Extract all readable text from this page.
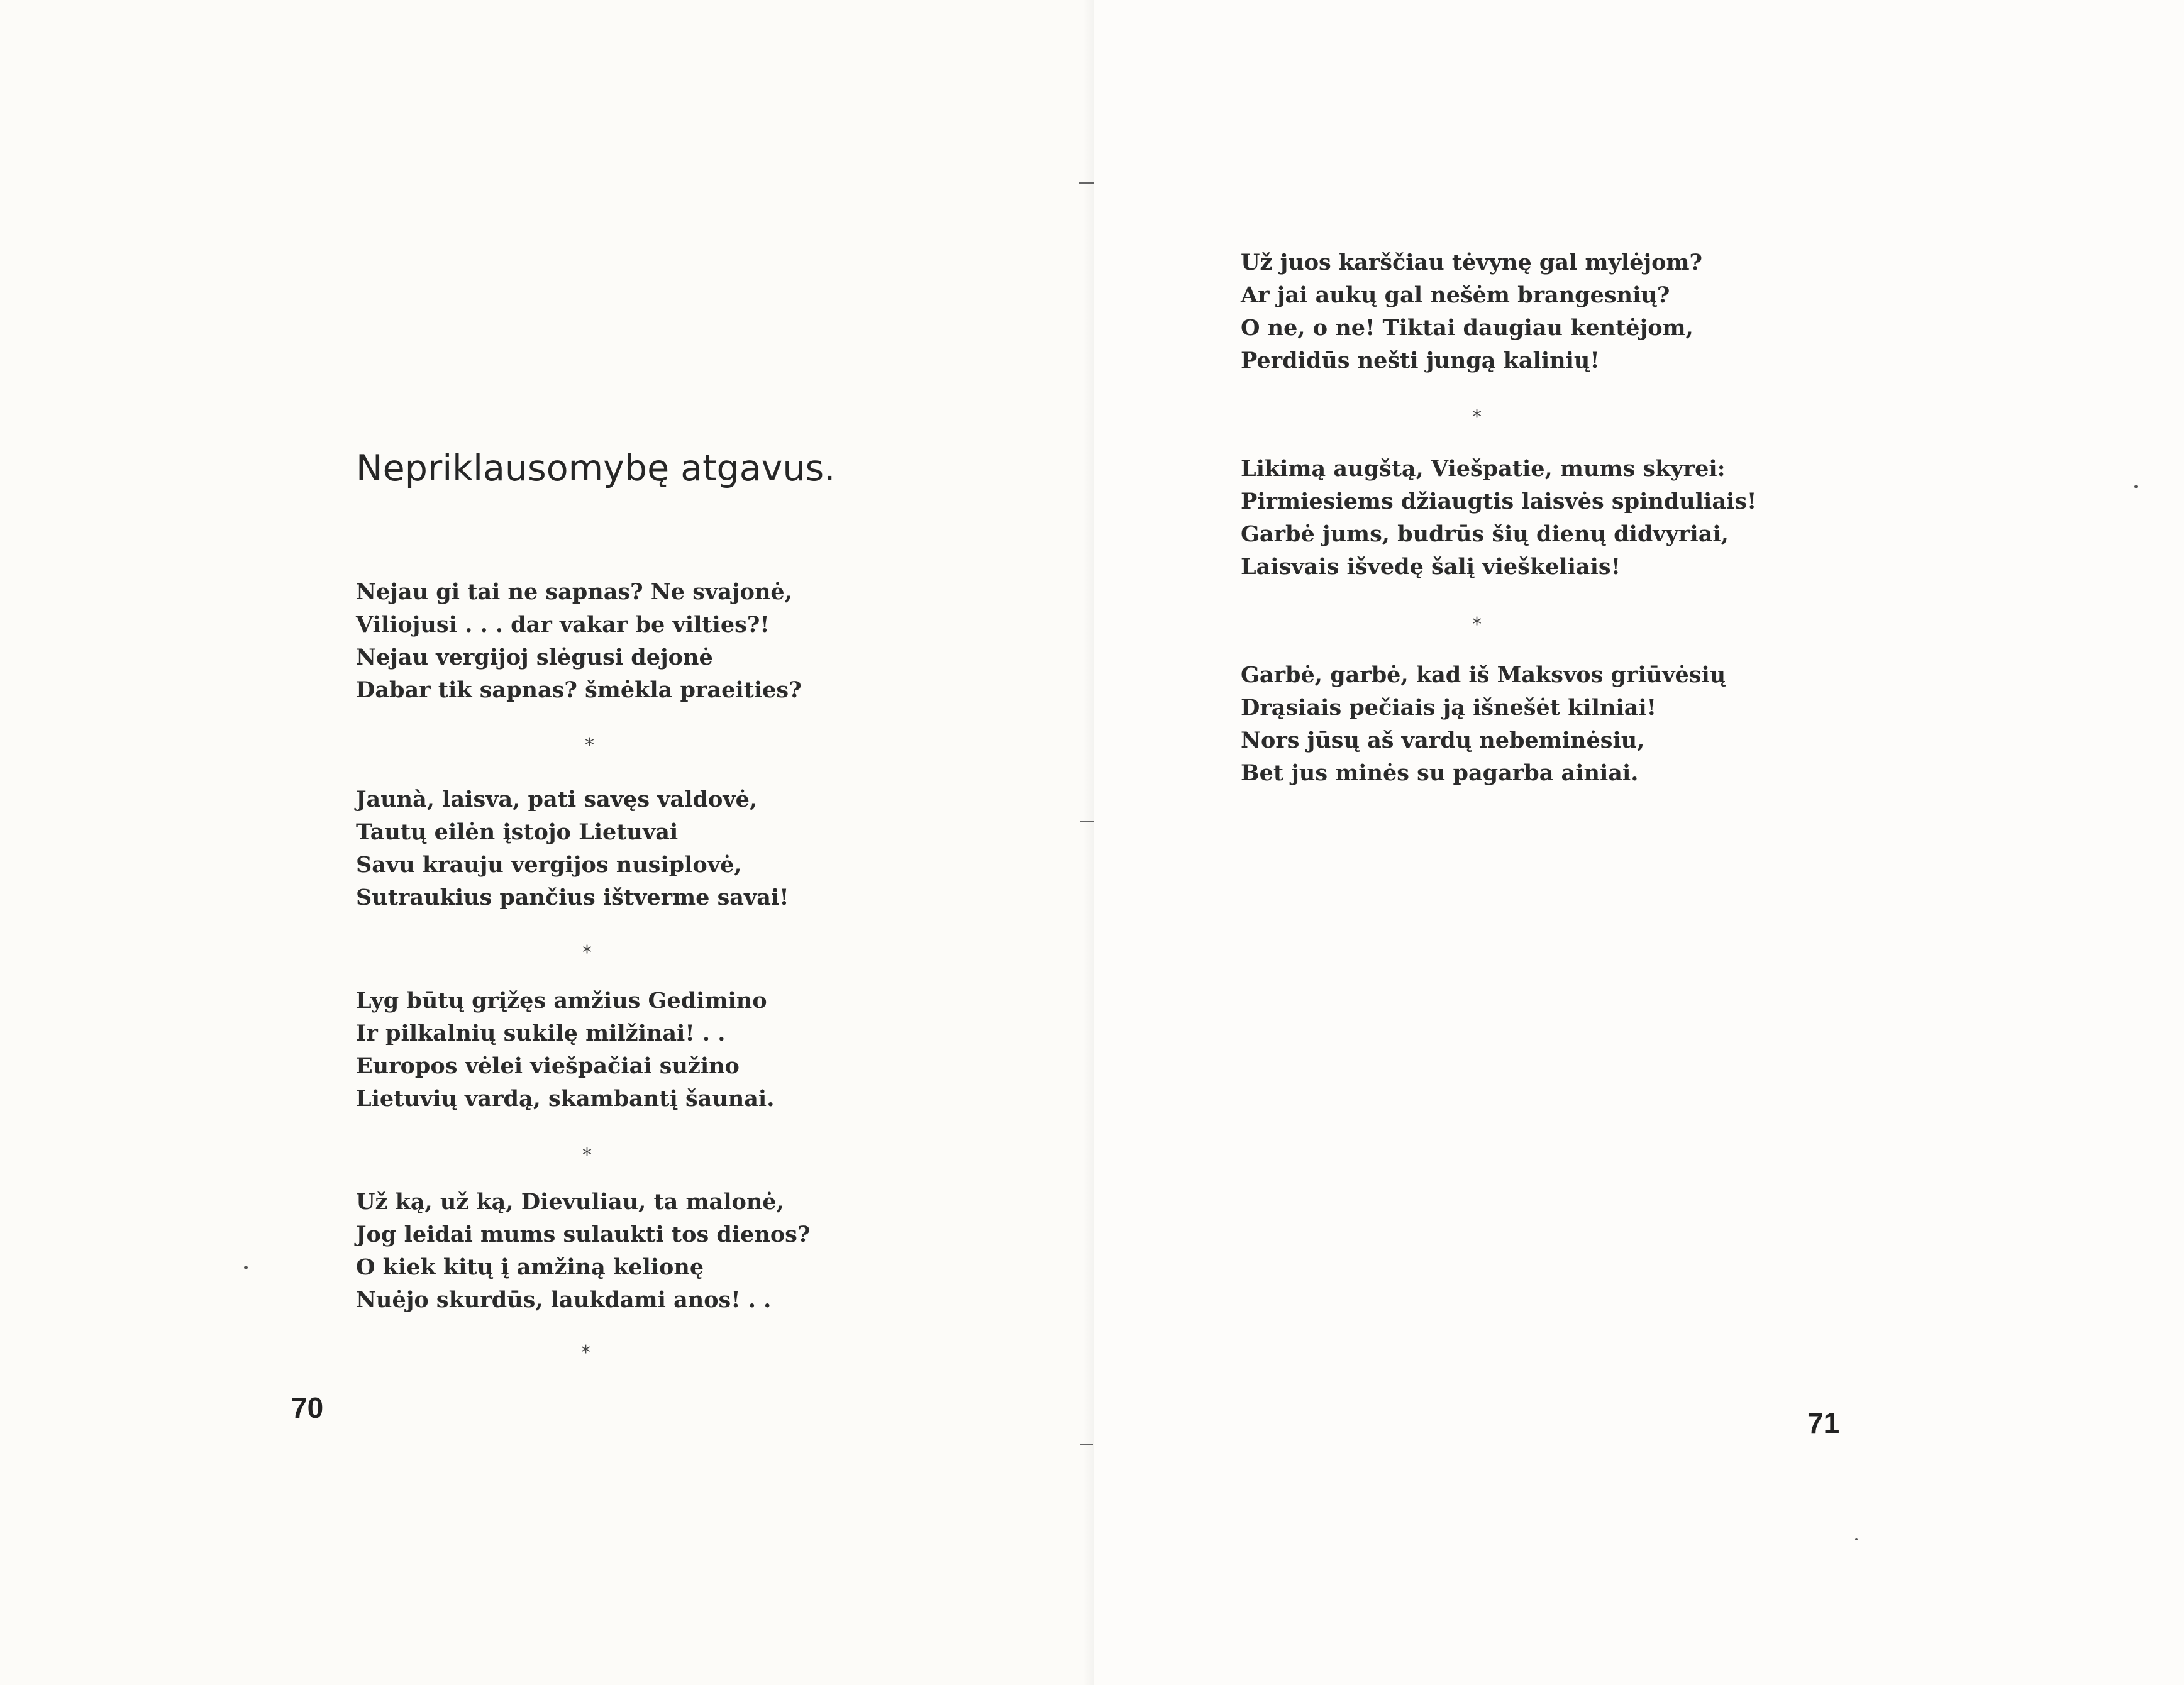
Nepriklausomybę atgavus.
Nejau gi tai ne sapnas? Ne svajonė,
Viliojusi . . . dar vakar be vilties?!
Nejau vergijoj slėgusi dejonė
Dabar tik sapnas? šmėkla praeities?
*
Jaunà, laisva, pati savęs valdovė,
Tautų eilėn įstojo Lietuvai
Savu krauju vergijos nusiplovė,
Sutraukius pančius ištverme savai!
*
Lyg būtų grįžęs amžius Gedimino
Ir pilkalnių sukilę milžinai! . .
Europos vėlei viešpačiai sužino
Lietuvių vardą, skambantį šaunai.
*
Už ką, už ką, Dievuliau, ta malonė,
Jog leidai mums sulaukti tos dienos?
O kiek kitų į amžiną kelionę
Nuėjo skurdūs, laukdami anos! . .
*
70
Už juos karščiau tėvynę gal mylėjom?
Ar jai aukų gal nešėm brangesnių?
O ne, o ne! Tiktai daugiau kentėjom,
Perdidūs nešti jungą kalinių!
*
Likimą augštą, Viešpatie, mums skyrei:
Pirmiesiems džiaugtis laisvės spinduliais!
Garbė jums, budrūs šių dienų didvyriai,
Laisvais išvedę šalį vieškeliais!
*
Garbė, garbė, kad iš Maksvos griūvėsių
Drąsiais pečiais ją išnešėt kilniai!
Nors jūsų aš vardų nebeminėsiu,
Bet jus minės su pagarba ainiai.
71
